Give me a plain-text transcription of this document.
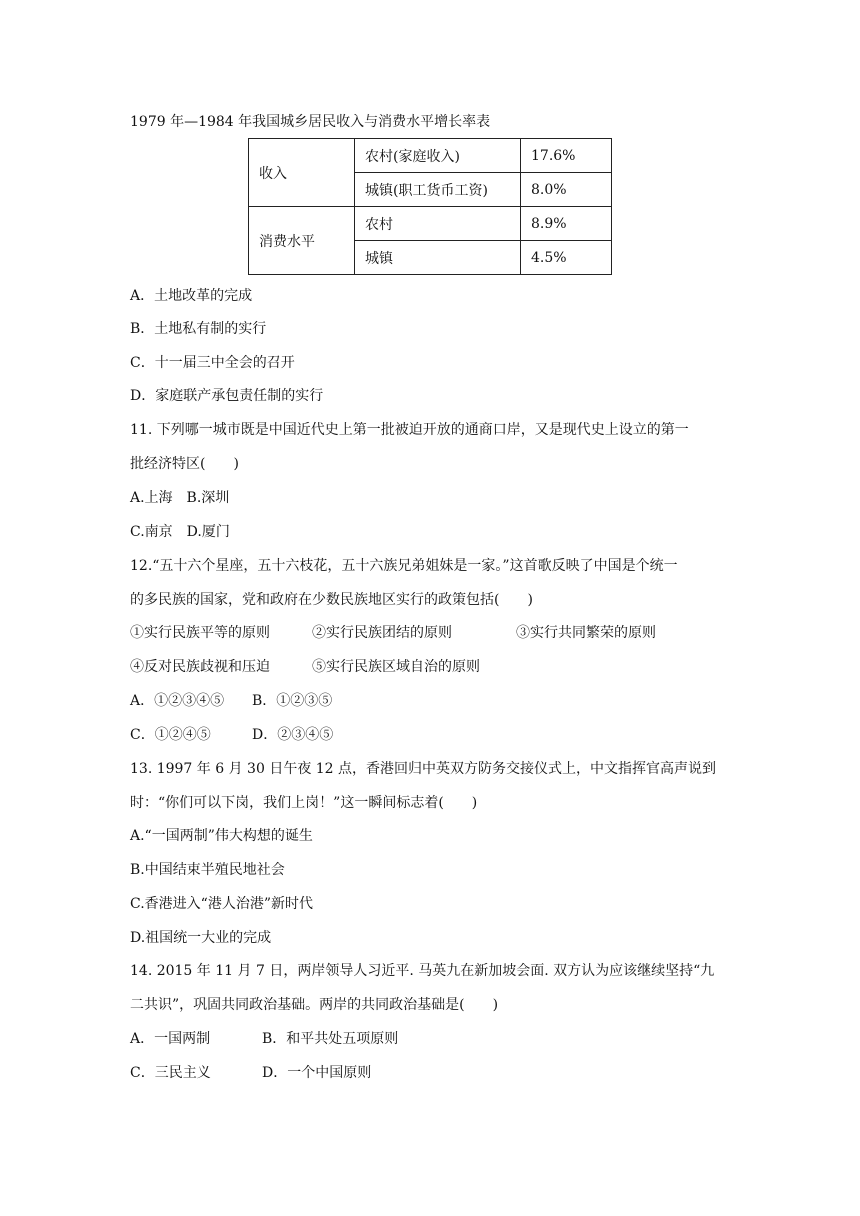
1979 年—1984 年我国城乡居民收入与消费水平增长率表
收入	农村(家庭收入)	17.6%
	城镇(职工货币工资)	8.0%
消费水平	农村	8.9%
	城镇	4.5%
A．土地改革的完成
B．土地私有制的实行
C．十一届三中全会的召开
D．家庭联产承包责任制的实行
11. 下列哪一城市既是中国近代史上第一批被迫开放的通商口岸，又是现代史上设立的第一
批经济特区(　　)
A.上海　B.深圳
C.南京　D.厦门
12.“五十六个星座，五十六枝花，五十六族兄弟姐妹是一家。”这首歌反映了中国是个统一
的多民族的国家，党和政府在少数民族地区实行的政策包括(　　)
①实行民族平等的原则	②实行民族团结的原则	③实行共同繁荣的原则
④反对民族歧视和压迫	⑤实行民族区域自治的原则
A．①②③④⑤ B．①②③⑤
C．①②④⑤	D．②③④⑤
13. 1997 年 6 月 30 日午夜 12 点，香港回归中英双方防务交接仪式上，中文指挥官高声说到
时：“你们可以下岗，我们上岗！”这一瞬间标志着(　　)
A.“一国两制”伟大构想的诞生
B.中国结束半殖民地社会
C.香港进入“港人治港”新时代
D.祖国统一大业的完成
14. 2015 年 11 月 7 日，两岸领导人习近平. 马英九在新加坡会面. 双方认为应该继续坚持“九
二共识”，巩固共同政治基础。两岸的共同政治基础是(　　)
A．一国两制	B．和平共处五项原则
C．三民主义	D．一个中国原则
